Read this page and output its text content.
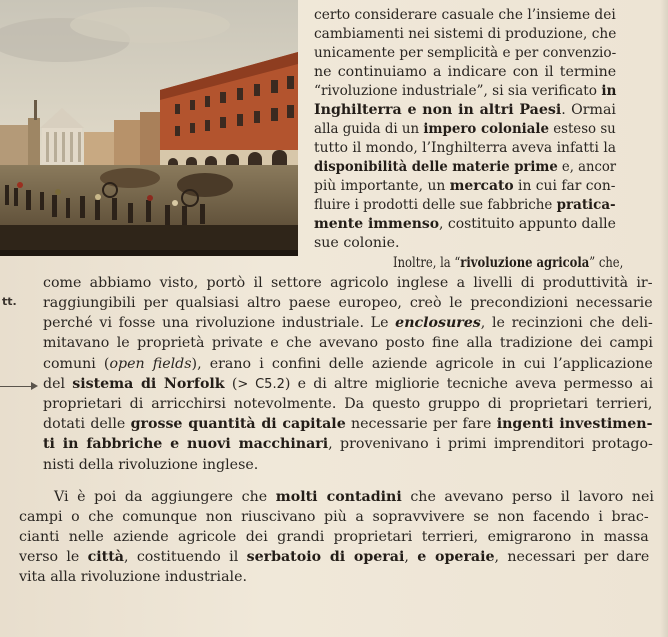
tt.
certo considerare casuale che l’insieme dei
cambiamenti nei sistemi di produzione, che
unicamente per semplicità e per convenzio-
ne continuiamo a indicare con il termine
“rivoluzione industriale”, si sia verificato in
Inghilterra e non in altri Paesi. Ormai
alla guida di un impero coloniale esteso su
tutto il mondo, l’Inghilterra aveva infatti la
disponibilità delle materie prime e, ancor
più importante, un mercato in cui far con-
fluire i prodotti delle sue fabbriche pratica-
mente immenso, costituito appunto dalle
sue colonie.
Inoltre, la “rivoluzione agricola” che,
come abbiamo visto, portò il settore agricolo inglese a livelli di produttività ir-
raggiungibili per qualsiasi altro paese europeo, creò le precondizioni necessarie
perché vi fosse una rivoluzione industriale. Le enclosures, le recinzioni che deli-
mitavano le proprietà private e che avevano posto fine alla tradizione dei campi
comuni (open fields), erano i confini delle aziende agricole in cui l’applicazione
del sistema di Norfolk (> C5.2) e di altre migliorie tecniche aveva permesso ai
proprietari di arricchirsi notevolmente. Da questo gruppo di proprietari terrieri,
dotati delle grosse quantità di capitale necessarie per fare ingenti investimen-
ti in fabbriche e nuovi macchinari, provenivano i primi imprenditori protago-
nisti della rivoluzione inglese.
Vi è poi da aggiungere che molti contadini che avevano perso il lavoro nei
campi o che comunque non riuscivano più a sopravvivere se non facendo i brac-
cianti nelle aziende agricole dei grandi proprietari terrieri, emigrarono in massa
verso le città, costituendo il serbatoio di operai, e operaie, necessari per dare
vita alla rivoluzione industriale.
